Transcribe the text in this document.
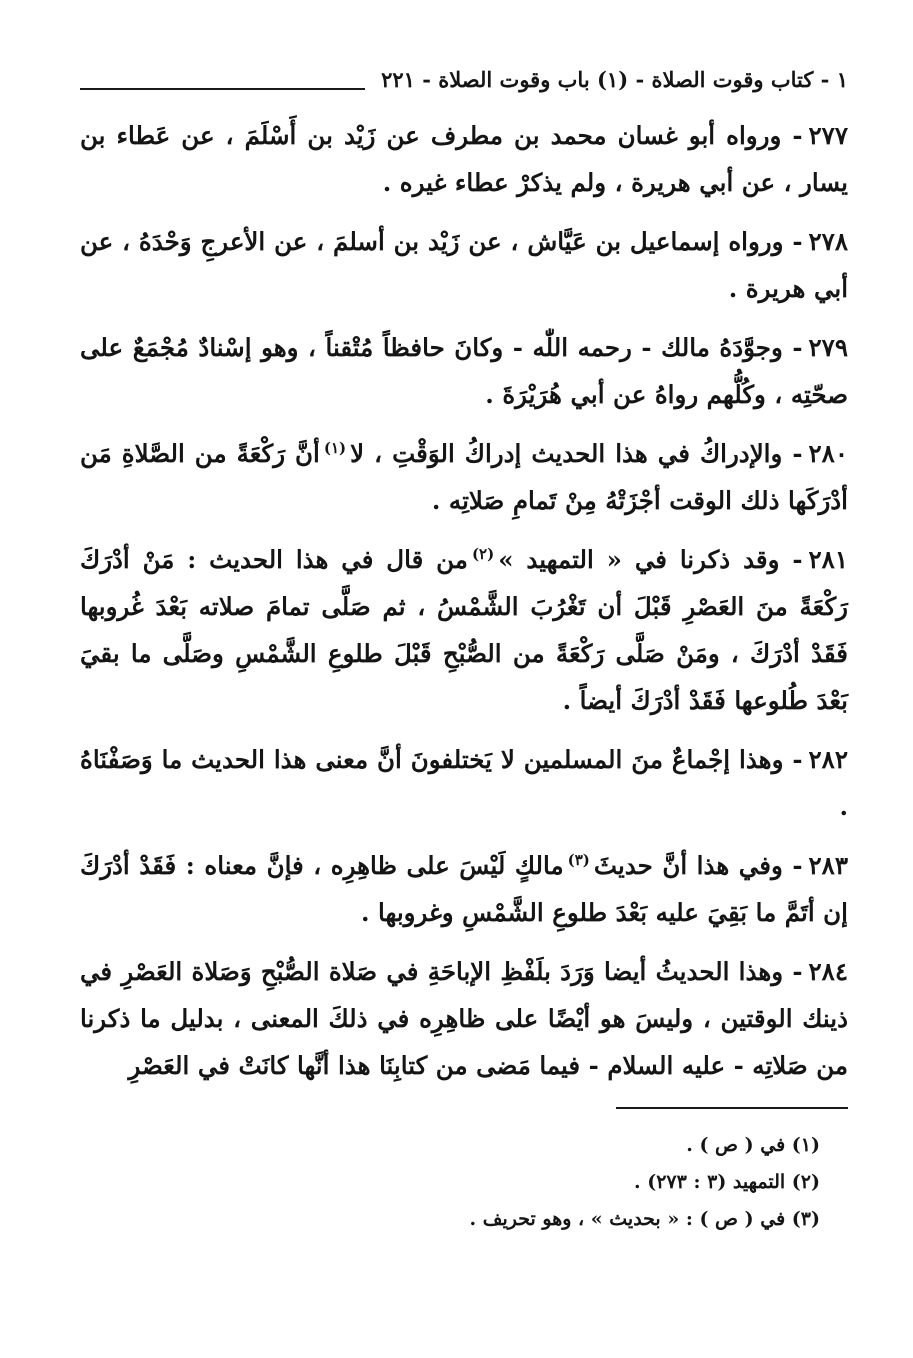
١ - كتاب وقوت الصلاة - (١) باب وقوت الصلاة - ٢٢١

٢٧٧- ورواه أبو غسان محمد بن مطرف عن زَيْد بن أَسْلَمَ ، عن عَطاء بن يسار ، عن أبي هريرة ، ولم يذكرْ عطاء غيره .

٢٧٨- ورواه إسماعيل بن عَيَّاش ، عن زَيْد بن أسلمَ ، عن الأعرجِ وَحْدَهُ ، عن أبي هريرة .

٢٧٩- وجوَّدَهُ مالك - رحمه اللّٰه - وكانَ حافظاً مُتْقناً ، وهو إسْنادٌ مُجْمَعٌ على صحّتِه ، وكُلُّهم رواهُ عن أبي هُرَيْرَةَ .

٢٨٠- والإدراكُ في هذا الحديث إدراكُ الوَقْتِ ، لا$^{(١)}$أنَّ رَكْعَةً من الصَّلاةِ مَن أدْرَكَها ذلك الوقت أجْزَتْهُ مِنْ تَمامِ صَلاتِه .

٢٨١- وقد ذكرنا في « التمهيد »$^{(٢)}$من قال في هذا الحديث : مَنْ أدْرَكَ رَكْعَةً منَ العَصْرِ قَبْلَ أن تَغْرُبَ الشَّمْسُ ، ثم صَلَّى تمامَ صلاته بَعْدَ غُروبها فَقَدْ أدْرَكَ ، ومَنْ صَلَّى رَكْعَةً من الصُّبْحِ قَبْلَ طلوعِ الشَّمْسِ وصَلَّى ما بقيَ بَعْدَ طُلوعها فَقَدْ أدْرَكَ أيضاً .

٢٨٢- وهذا إجْماعٌ منَ المسلمين لا يَختلفونَ أنَّ معنى هذا الحديث ما وَصَفْنَاهُ .

٢٨٣- وفي هذا أنَّ حديثَ$^{(٣)}$مالكٍ لَيْسَ على ظاهِرِه ، فإنَّ معناه : فَقَدْ أدْرَكَ إن أتَمَّ ما بَقِيَ عليه بَعْدَ طلوعِ الشَّمْسِ وغروبها .

٢٨٤- وهذا الحديثُ أيضا وَرَدَ بلَفْظِ الإباحَةِ في صَلاة الصُّبْحِ وَصَلاة العَصْرِ في ذينك الوقتين ، وليسَ هو أيْضًا على ظاهِرِه في ذلكَ المعنى ، بدليل ما ذكرنا من صَلاتِه - عليه السلام - فيما مَضى من كتابِنَا هذا أنَّها كانَتْ في العَصْرِ

(١) في ( ص ) .
(٢) التمهيد (٣ : ٢٧٣) .
(٣) في ( ص ) : « بحديث » ، وهو تحريف .
